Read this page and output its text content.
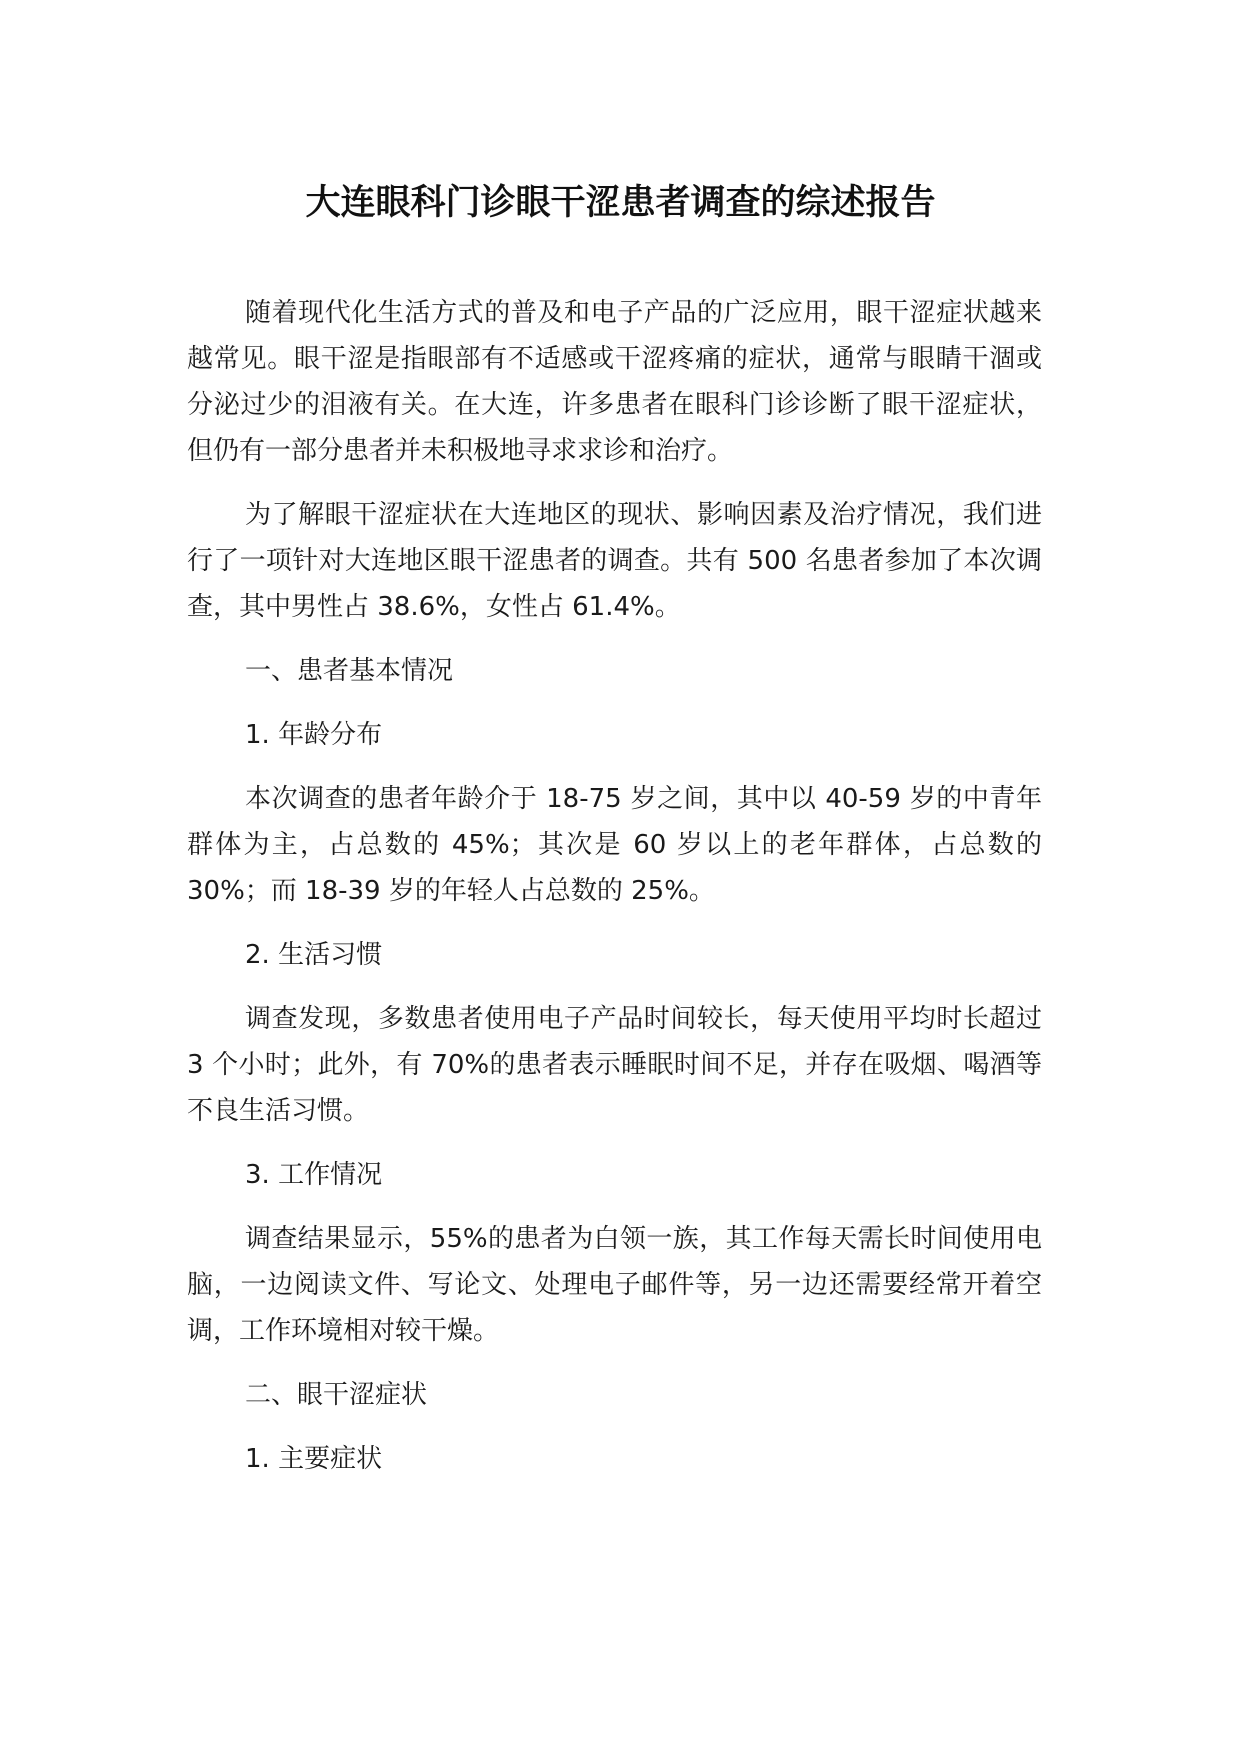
大连眼科门诊眼干涩患者调查的综述报告

随着现代化生活方式的普及和电子产品的广泛应用，眼干涩症状越来越常见。眼干涩是指眼部有不适感或干涩疼痛的症状，通常与眼睛干涸或分泌过少的泪液有关。在大连，许多患者在眼科门诊诊断了眼干涩症状，但仍有一部分患者并未积极地寻求求诊和治疗。

为了解眼干涩症状在大连地区的现状、影响因素及治疗情况，我们进行了一项针对大连地区眼干涩患者的调查。共有 500 名患者参加了本次调查，其中男性占 38.6%，女性占 61.4%。

一、患者基本情况

1. 年龄分布

本次调查的患者年龄介于 18-75 岁之间，其中以 40-59 岁的中青年群体为主，占总数的 45%；其次是 60 岁以上的老年群体，占总数的 30%；而 18-39 岁的年轻人占总数的 25%。

2. 生活习惯

调查发现，多数患者使用电子产品时间较长，每天使用平均时长超过 3 个小时；此外，有 70%的患者表示睡眠时间不足，并存在吸烟、喝酒等不良生活习惯。

3. 工作情况

调查结果显示，55%的患者为白领一族，其工作每天需长时间使用电脑，一边阅读文件、写论文、处理电子邮件等，另一边还需要经常开着空调，工作环境相对较干燥。

二、眼干涩症状

1. 主要症状
